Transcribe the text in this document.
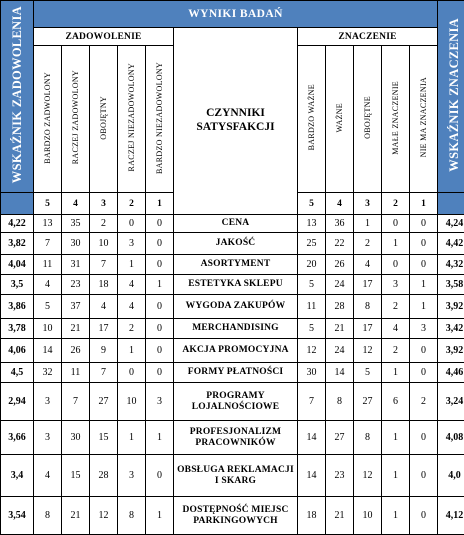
WSKAŹNIK ZADOWOLENIA	WYNIKI BADAŃ											WSKAŹNIK ZNACZENIA
	ZADOWOLENIE					CZYNNIKI SATYSFAKCJI	ZNACZENIE					
	BARDZO ZADWOLONY	RACZEJ ZADOWOLONY	OBOJĘTNY	RACZEJ NIEZADOWOLONY	BARDZO NIEZADOWOLONY		BARDZO WAŻNE	WAŻNE	OBOJĘTNE	MAŁE ZNACZENIE	NIE MA ZNACZENIA	
	5	4	3	2	1		5	4	3	2	1	
4,22	13	35	2	0	0	CENA	13	36	1	0	0	4,24
3,82	7	30	10	3	0	JAKOŚĆ	25	22	2	1	0	4,42
4,04	11	31	7	1	0	ASORTYMENT	20	26	4	0	0	4,32
3,5	4	23	18	4	1	ESTETYKA SKLEPU	5	24	17	3	1	3,58
3,86	5	37	4	4	0	WYGODA ZAKUPÓW	11	28	8	2	1	3,92
3,78	10	21	17	2	0	MERCHANDISING	5	21	17	4	3	3,42
4,06	14	26	9	1	0	AKCJA PROMOCYJNA	12	24	12	2	0	3,92
4,5	32	11	7	0	0	FORMY PŁATNOŚCI	30	14	5	1	0	4,46
2,94	3	7	27	10	3	PROGRAMY LOJALNOŚCIOWE	7	8	27	6	2	3,24
3,66	3	30	15	1	1	PROFESJONALIZM PRACOWNIKÓW	14	27	8	1	0	4,08
3,4	4	15	28	3	0	OBSŁUGA REKLAMACJI I SKARG	14	23	12	1	0	4,0
3,54	8	21	12	8	1	DOSTĘPNOŚĆ MIEJSC PARKINGOWYCH	18	21	10	1	0	4,12
